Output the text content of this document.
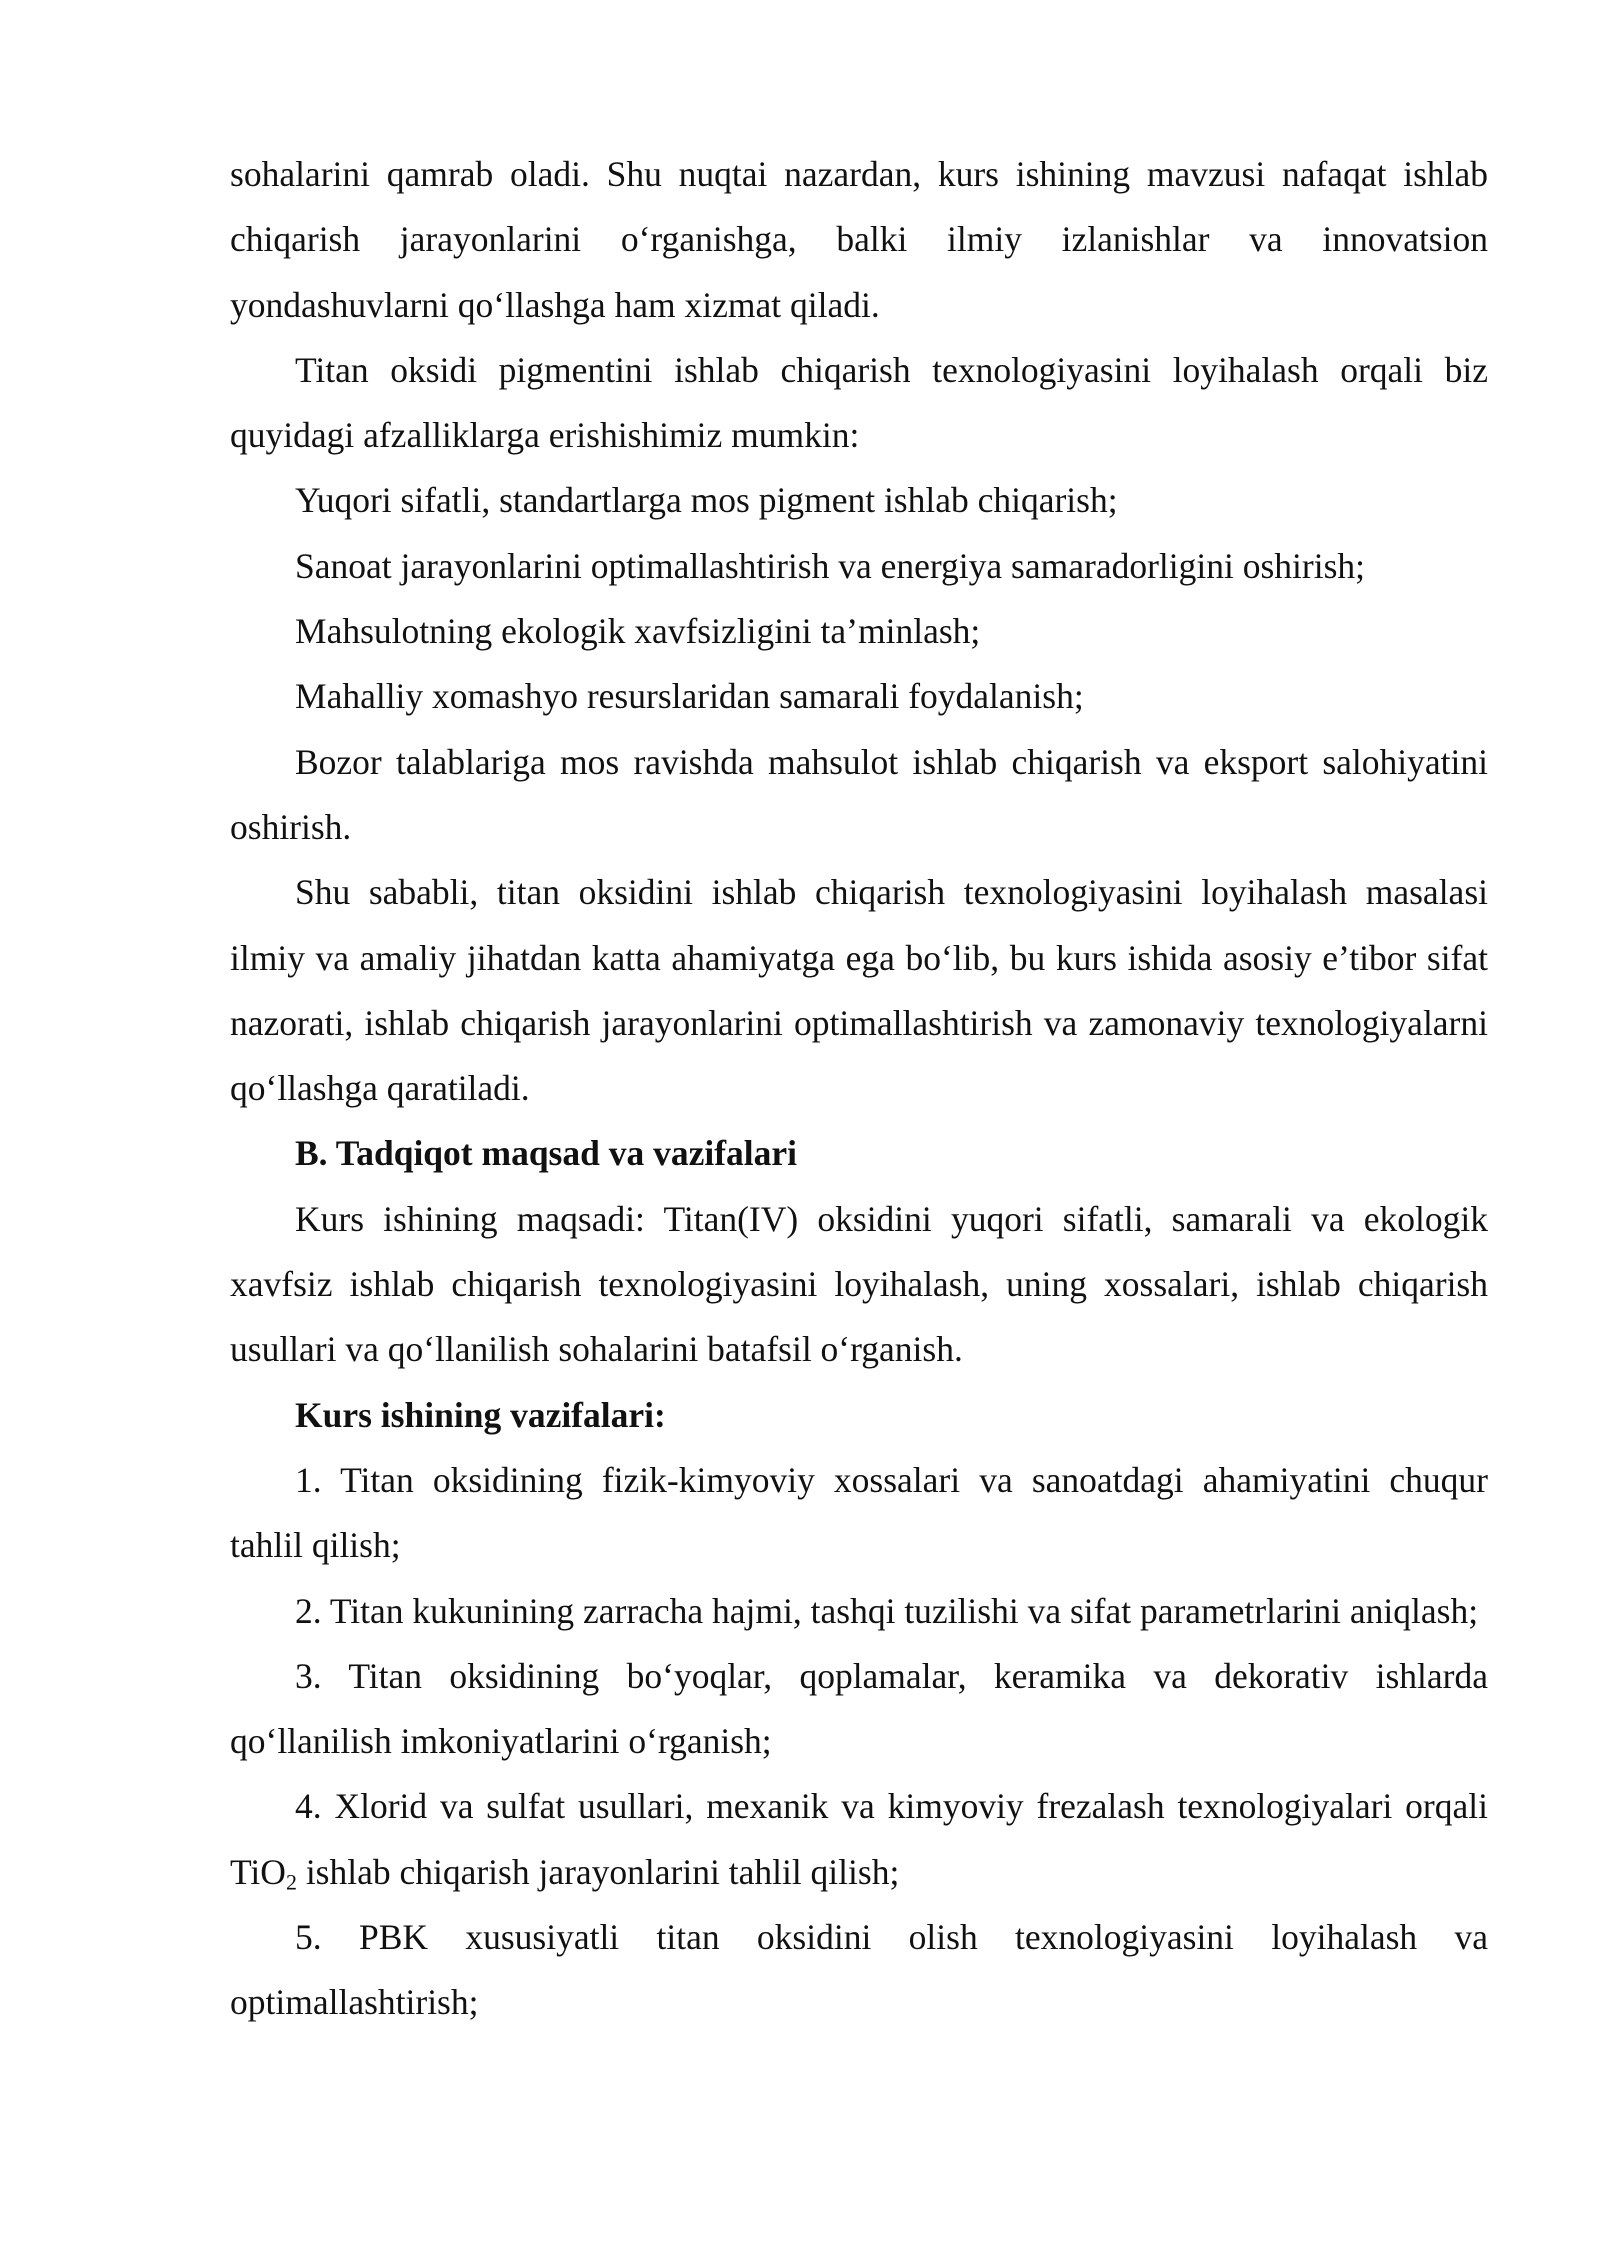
sohalarini qamrab oladi. Shu nuqtai nazardan, kurs ishining mavzusi nafaqat ishlab chiqarish jarayonlarini o‘rganishga, balki ilmiy izlanishlar va innovatsion yondashuvlarni qo‘llashga ham xizmat qiladi.

Titan oksidi pigmentini ishlab chiqarish texnologiyasini loyihalash orqali biz quyidagi afzalliklarga erishishimiz mumkin:

Yuqori sifatli, standartlarga mos pigment ishlab chiqarish;

Sanoat jarayonlarini optimallashtirish va energiya samaradorligini oshirish;

Mahsulotning ekologik xavfsizligini ta’minlash;

Mahalliy xomashyo resurslaridan samarali foydalanish;

Bozor talablariga mos ravishda mahsulot ishlab chiqarish va eksport salohiyatini oshirish.

Shu sababli, titan oksidini ishlab chiqarish texnologiyasini loyihalash masalasi ilmiy va amaliy jihatdan katta ahamiyatga ega bo‘lib, bu kurs ishida asosiy e’tibor sifat nazorati, ishlab chiqarish jarayonlarini optimallashtirish va zamonaviy texnologiyalarni qo‘llashga qaratiladi.

B. Tadqiqot maqsad va vazifalari

Kurs ishining maqsadi: Titan(IV) oksidini yuqori sifatli, samarali va ekologik xavfsiz ishlab chiqarish texnologiyasini loyihalash, uning xossalari, ishlab chiqarish usullari va qo‘llanilish sohalarini batafsil o‘rganish.

Kurs ishining vazifalari:

1. Titan oksidining fizik-kimyoviy xossalari va sanoatdagi ahamiyatini chuqur tahlil qilish;

2. Titan kukunining zarracha hajmi, tashqi tuzilishi va sifat parametrlarini aniqlash;

3. Titan oksidining bo‘yoqlar, qoplamalar, keramika va dekorativ ishlarda qo‘llanilish imkoniyatlarini o‘rganish;

4. Xlorid va sulfat usullari, mexanik va kimyoviy frezalash texnologiyalari orqali TiO$_2$ ishlab chiqarish jarayonlarini tahlil qilish;

5. PBK xususiyatli titan oksidini olish texnologiyasini loyihalash va optimallashtirish;
